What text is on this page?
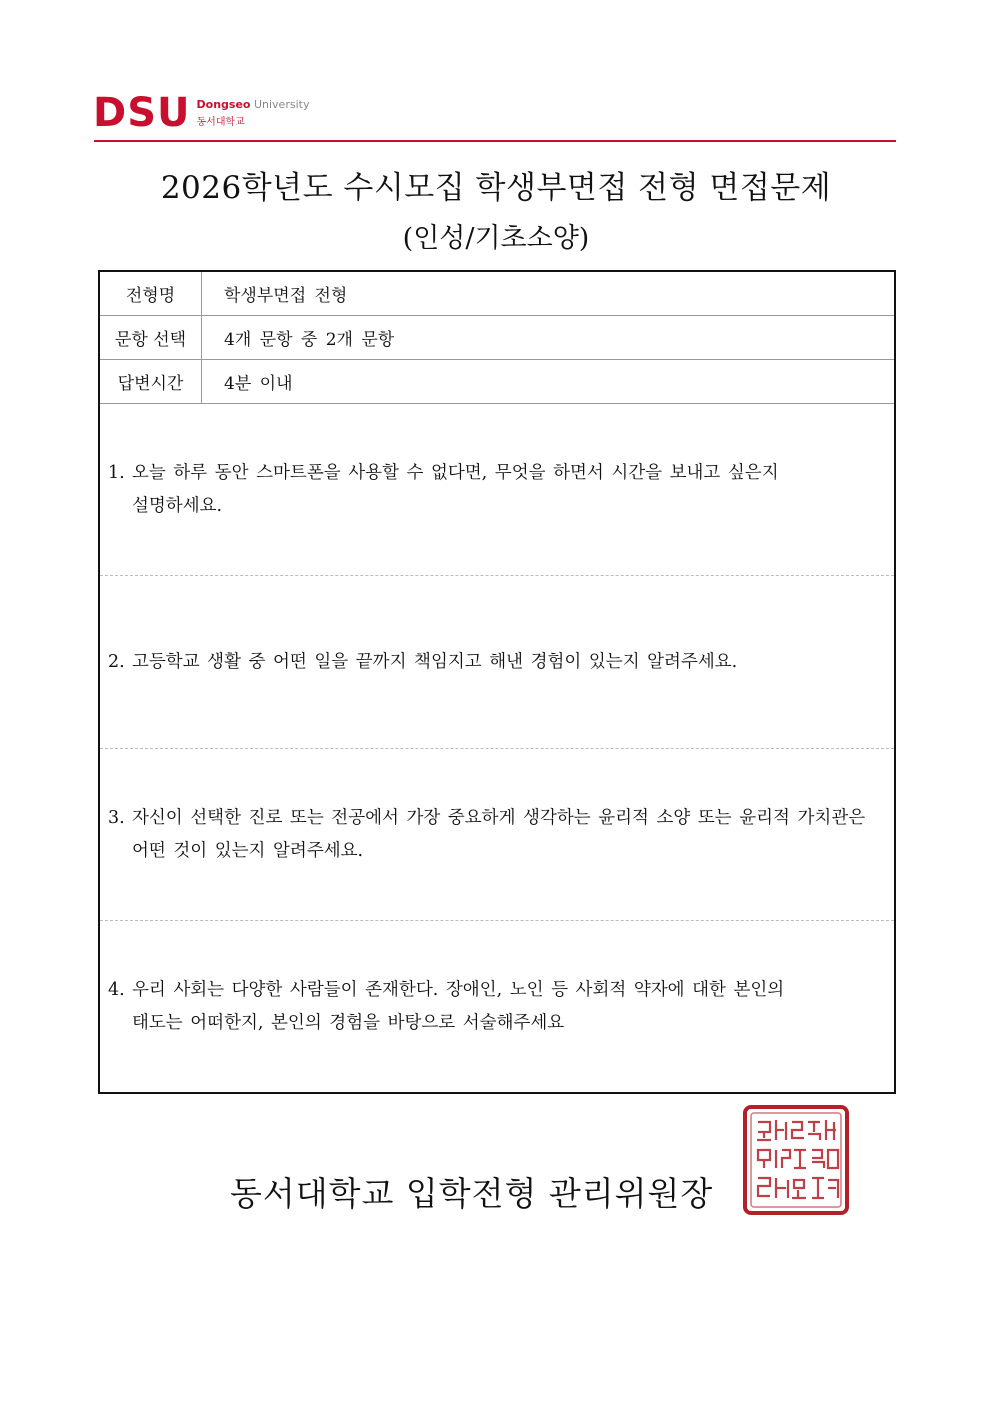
DSU Dongseo University
동서대학교
2026학년도 수시모집 학생부면접 전형 면접문제
(인성/기초소양)
전형명	학생부면접 전형
문항 선택	4개 문항 중 2개 문항
답변시간	4분 이내
1. 오늘 하루 동안 스마트폰을 사용할 수 없다면, 무엇을 하면서 시간을 보내고 싶은지
설명하세요.
2. 고등학교 생활 중 어떤 일을 끝까지 책임지고 해낸 경험이 있는지 알려주세요.
3. 자신이 선택한 진로 또는 전공에서 가장 중요하게 생각하는 윤리적 소양 또는 윤리적 가치관은
어떤 것이 있는지 알려주세요.
4. 우리 사회는 다양한 사람들이 존재한다. 장애인, 노인 등 사회적 약자에 대한 본인의
태도는 어떠한지, 본인의 경험을 바탕으로 서술해주세요
동서대학교 입학전형 관리위원장
